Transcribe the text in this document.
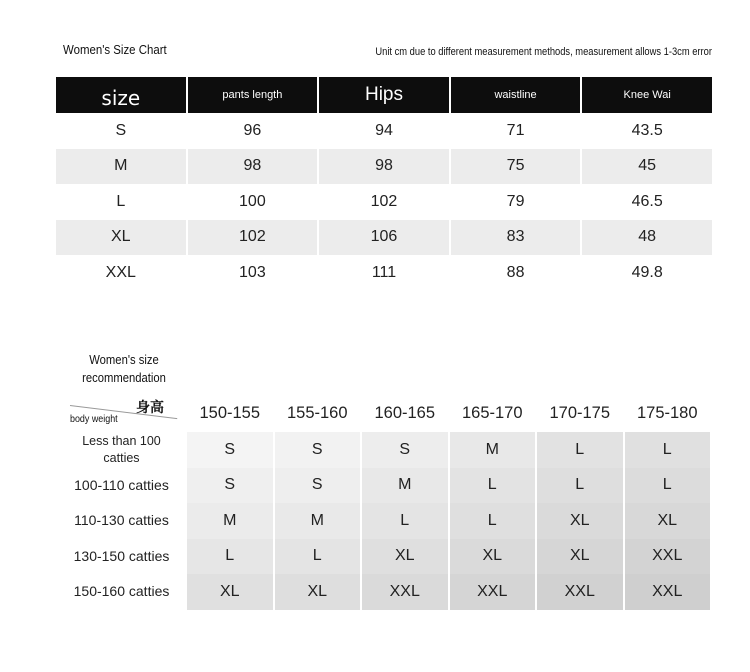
Women's Size Chart	Unit cm due to different measurement methods, measurement allows 1-3cm error
size	pants length	Hips	waistline	Knee Wai
S	96	94	71	43.5
M	98	98	75	45
L	100	102	79	46.5
XL	102	106	83	48
XXL	103	111	88	49.8
Women's size
recommendation
身高
body weight	150-155	155-160	160-165	165-170	170-175	175-180
Less than 100
catties	S	S	S	M	L	L
100-110 catties	S	S	M	L	L	L
110-130 catties	M	M	L	L	XL	XL
130-150 catties	L	L	XL	XL	XL	XXL
150-160 catties	XL	XL	XXL	XXL	XXL	XXL
